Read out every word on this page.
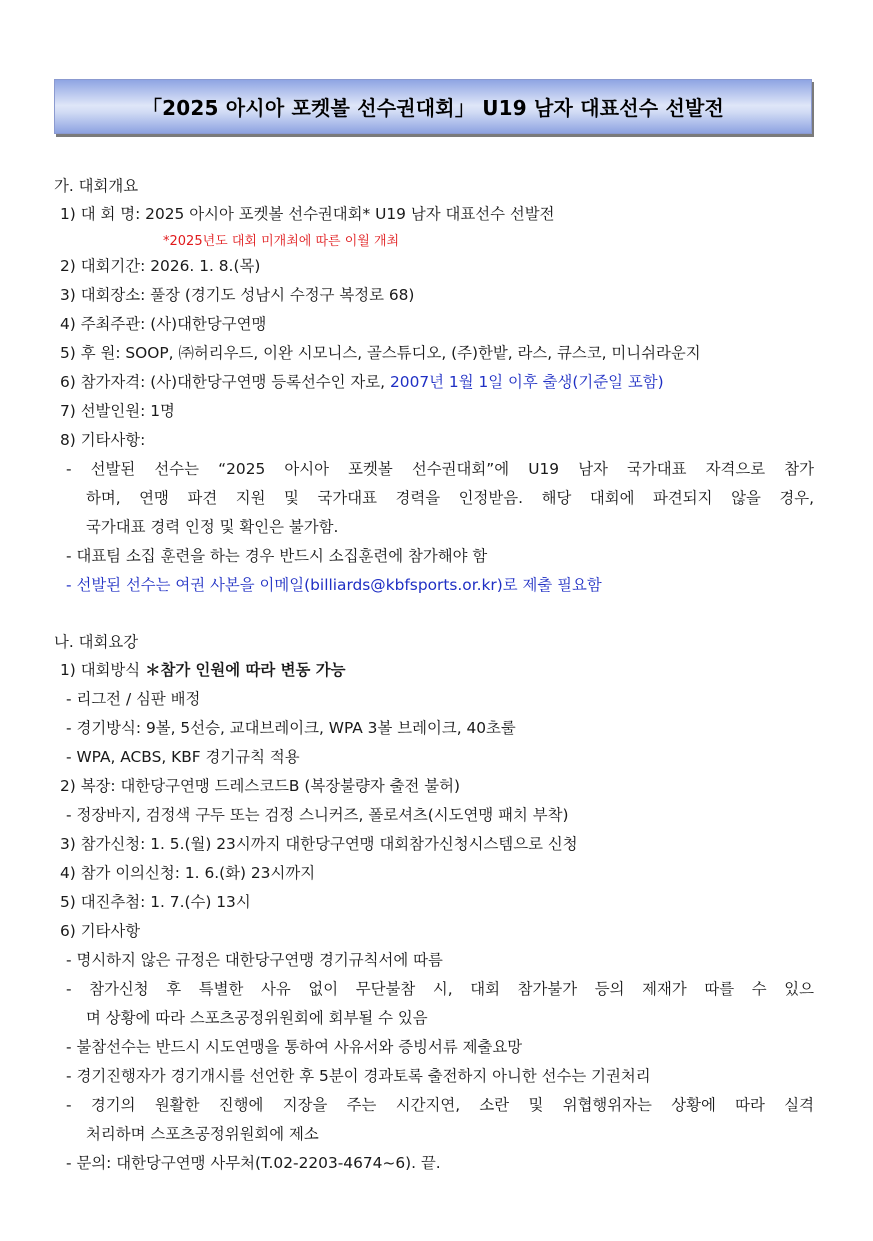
「2025 아시아 포켓볼 선수권대회」 U19 남자 대표선수 선발전
가. 대회개요
1) 대 회 명: 2025 아시아 포켓볼 선수권대회* U19 남자 대표선수 선발전
*2025년도 대회 미개최에 따른 이월 개최
2) 대회기간: 2026. 1. 8.(목)
3) 대회장소: 풀장 (경기도 성남시 수정구 복정로 68)
4) 주최주관: (사)대한당구연맹
5) 후 원: SOOP, ㈜허리우드, 이완 시모니스, 골스튜디오, (주)한밭, 라스, 큐스코, 미니쉬라운지
6) 참가자격: (사)대한당구연맹 등록선수인 자로, 2007년 1월 1일 이후 출생(기준일 포함)
7) 선발인원: 1명
8) 기타사항:
- 선발된 선수는 “2025 아시아 포켓볼 선수권대회”에 U19 남자 국가대표 자격으로 참가
하며, 연맹 파견 지원 및 국가대표 경력을 인정받음. 해당 대회에 파견되지 않을 경우,
국가대표 경력 인정 및 확인은 불가함.
- 대표팀 소집 훈련을 하는 경우 반드시 소집훈련에 참가해야 함
- 선발된 선수는 여권 사본을 이메일(billiards@kbfsports.or.kr)로 제출 필요함
나. 대회요강
1) 대회방식 ＊참가 인원에 따라 변동 가능
- 리그전 / 심판 배정
- 경기방식: 9볼, 5선승, 교대브레이크, WPA 3볼 브레이크, 40초룰
- WPA, ACBS, KBF 경기규칙 적용
2) 복장: 대한당구연맹 드레스코드B (복장불량자 출전 불허)
- 정장바지, 검정색 구두 또는 검정 스니커즈, 폴로셔츠(시도연맹 패치 부착)
3) 참가신청: 1. 5.(월) 23시까지 대한당구연맹 대회참가신청시스템으로 신청
4) 참가 이의신청: 1. 6.(화) 23시까지
5) 대진추첨: 1. 7.(수) 13시
6) 기타사항
- 명시하지 않은 규정은 대한당구연맹 경기규칙서에 따름
- 참가신청 후 특별한 사유 없이 무단불참 시, 대회 참가불가 등의 제재가 따를 수 있으
며 상황에 따라 스포츠공정위원회에 회부될 수 있음
- 불참선수는 반드시 시도연맹을 통하여 사유서와 증빙서류 제출요망
- 경기진행자가 경기개시를 선언한 후 5분이 경과토록 출전하지 아니한 선수는 기권처리
- 경기의 원활한 진행에 지장을 주는 시간지연, 소란 및 위협행위자는 상황에 따라 실격
처리하며 스포츠공정위원회에 제소
- 문의: 대한당구연맹 사무처(T.02-2203-4674~6). 끝.
